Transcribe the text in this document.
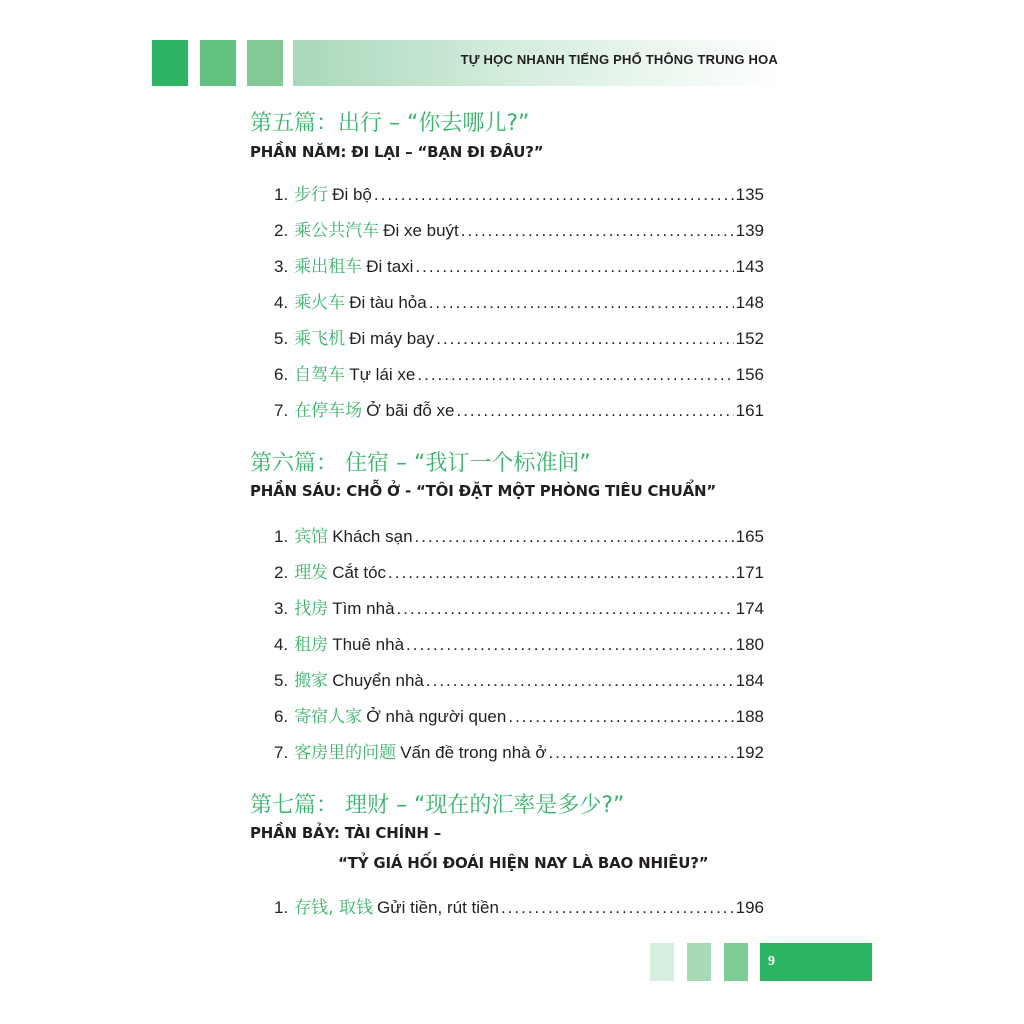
TỰ HỌC NHANH TIẾNG PHỔ THÔNG TRUNG HOA
第五篇：出行 – “你去哪儿?”
PHẦN NĂM: ĐI LẠI – “BẠN ĐI ĐÂU?”
1. 步行 Đi bộ .....	135
2. 乘公共汽车 Đi xe buýt .....	139
3. 乘出租车 Đi taxi .....	143
4. 乘火车 Đi tàu hỏa .....	148
5. 乘飞机 Đi máy bay .....	152
6. 自驾车 Tự lái xe .....	156
7. 在停车场 Ở bãi đỗ xe .....	161
第六篇： 住宿 – “我订一个标准间”
PHẦN SÁU: CHỖ Ở - “TÔI ĐẶT MỘT PHÒNG TIÊU CHUẨN”
1. 宾馆 Khách sạn .....	165
2. 理发 Cắt tóc .....	171
3. 找房 Tìm nhà .....	174
4. 租房 Thuê nhà .....	180
5. 搬家 Chuyển nhà .....	184
6. 寄宿人家 Ở nhà người quen .....	188
7. 客房里的问题 Vấn đề trong nhà ở .....	192
第七篇： 理财 – “现在的汇率是多少?”
PHẦN BẢY: TÀI CHÍNH –
“TỶ GIÁ HỐI ĐOÁI HIỆN NAY LÀ BAO NHIÊU?”
1. 存钱, 取钱 Gửi tiền, rút tiền .....	196
9
